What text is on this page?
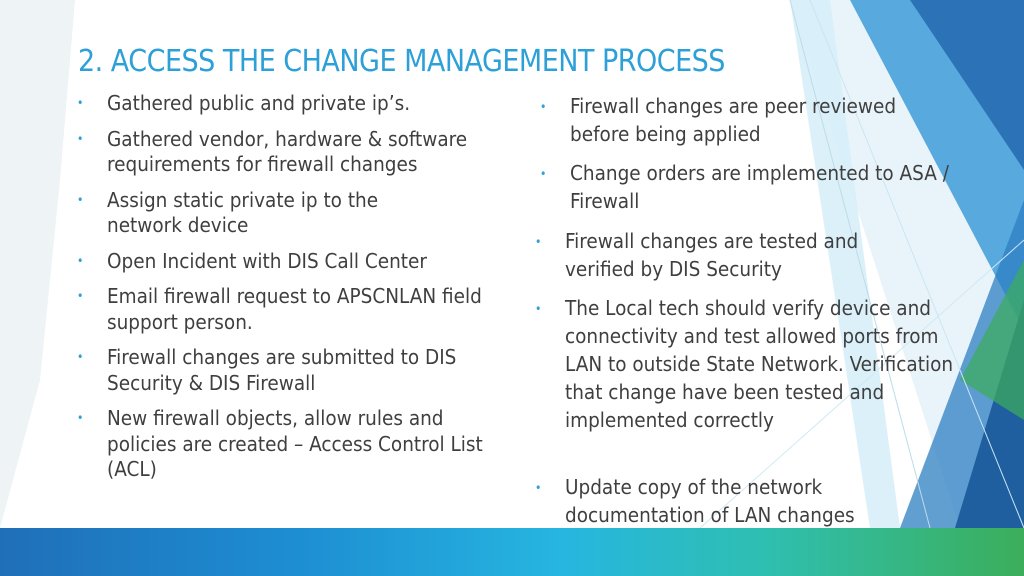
2. ACCESS THE CHANGE MANAGEMENT PROCESS
• Gathered public and private ip’s.
• Gathered vendor, hardware & software requirements for firewall changes
• Assign static private ip to the network device
• Open Incident with DIS Call Center
• Email firewall request to APSCNLAN field support person.
• Firewall changes are submitted to DIS Security & DIS Firewall
• New firewall objects, allow rules and policies are created – Access Control List (ACL)
• Firewall changes are peer reviewed before being applied
• Change orders are implemented to ASA / Firewall
• Firewall changes are tested and verified by DIS Security
• The Local tech should verify device and connectivity and test allowed ports from LAN to outside State Network. Verification that change have been tested and implemented correctly
• Update copy of the network documentation of LAN changes
